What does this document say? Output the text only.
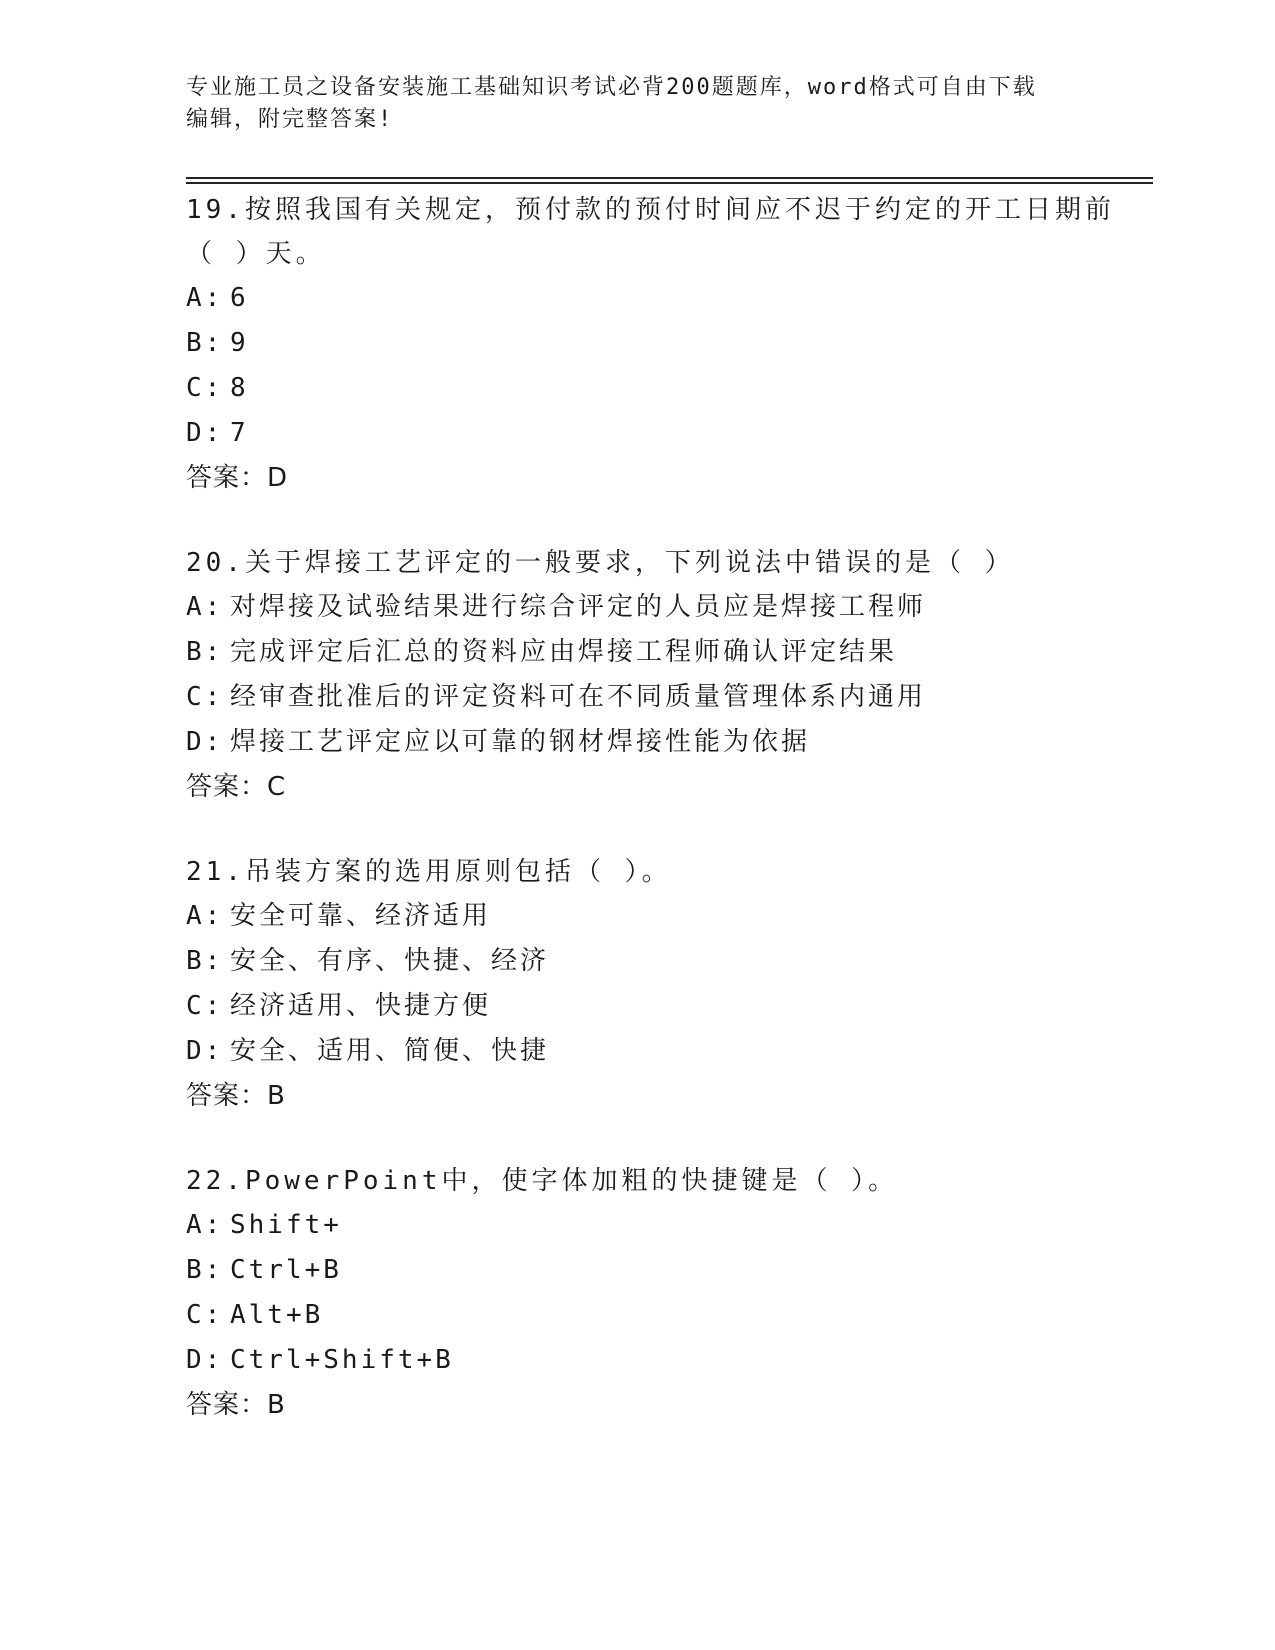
专业施工员之设备安装施工基础知识考试必背200题题库，word格式可自由下载
编辑，附完整答案!
19.按照我国有关规定，预付款的预付时间应不迟于约定的开工日期前（ ）天。
A: 6
B: 9
C: 8
D: 7
答案：D
20.关于焊接工艺评定的一般要求，下列说法中错误的是（ ）
A: 对焊接及试验结果进行综合评定的人员应是焊接工程师
B: 完成评定后汇总的资料应由焊接工程师确认评定结果
C: 经审查批准后的评定资料可在不同质量管理体系内通用
D: 焊接工艺评定应以可靠的钢材焊接性能为依据
答案：C
21.吊装方案的选用原则包括（ ）。
A: 安全可靠、经济适用
B: 安全、有序、快捷、经济
C: 经济适用、快捷方便
D: 安全、适用、简便、快捷
答案：B
22.PowerPoint中，使字体加粗的快捷键是（ ）。
A: Shift+
B: Ctrl+B
C: Alt+B
D: Ctrl+Shift+B
答案：B
